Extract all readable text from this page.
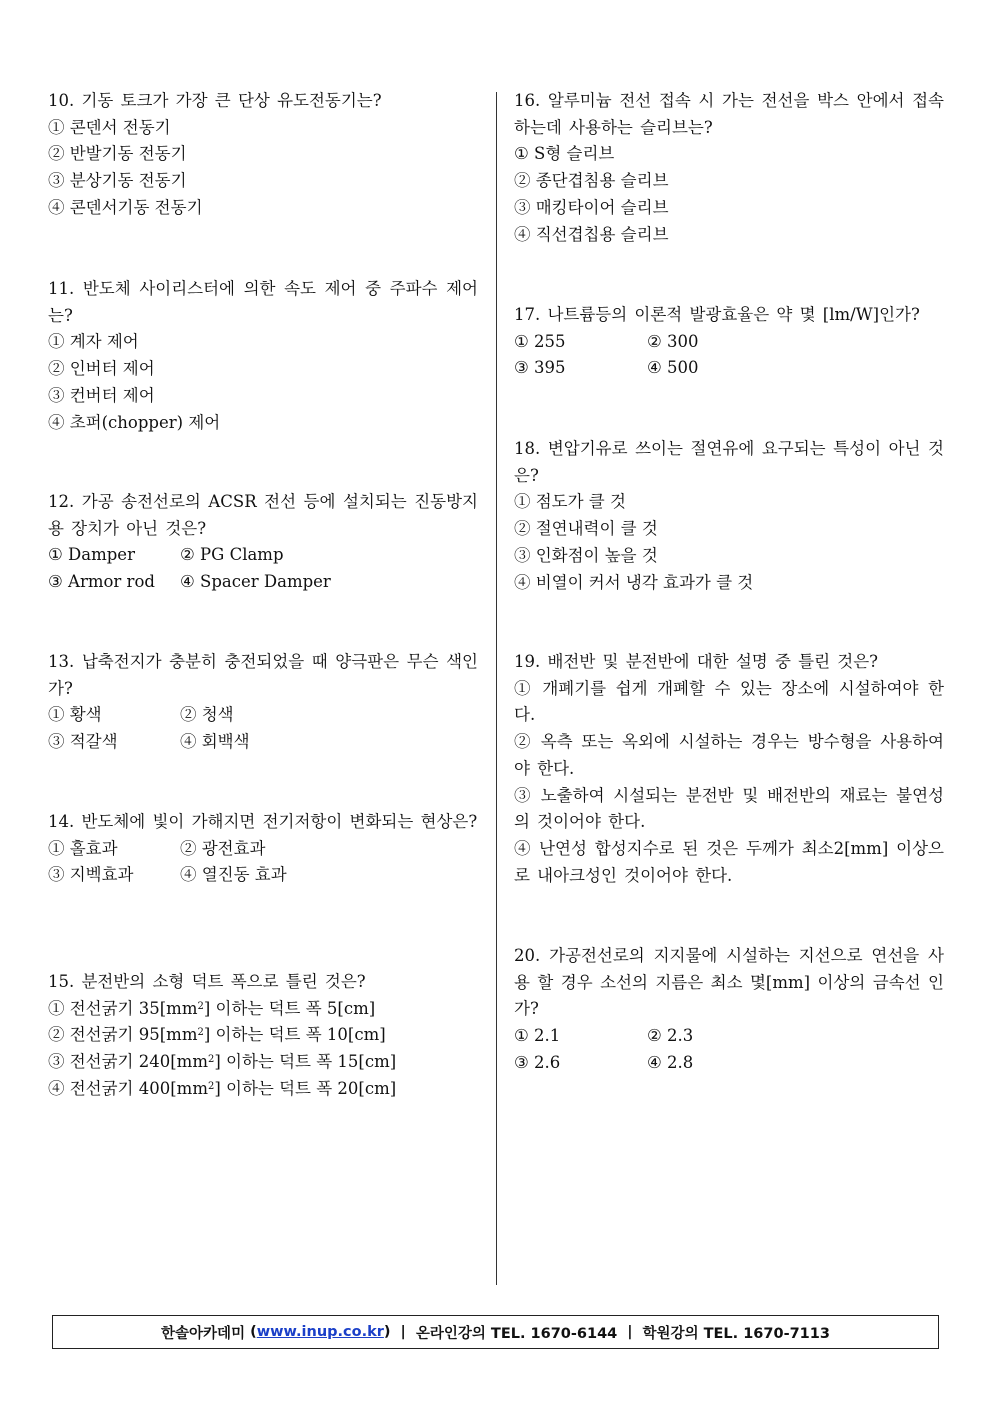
10. 기동 토크가 가장 큰 단상 유도전동기는?
① 콘덴서 전동기
② 반발기동 전동기
③ 분상기동 전동기
④ 콘덴서기동 전동기
11. 반도체 사이리스터에 의한 속도 제어 중 주파수 제어는?
① 계자 제어
② 인버터 제어
③ 컨버터 제어
④ 초퍼(chopper) 제어
12. 가공 송전선로의 ACSR 전선 등에 설치되는 진동방지용 장치가 아닌 것은?
① Damper	② PG Clamp
③ Armor rod	④ Spacer Damper
13. 납축전지가 충분히 충전되었을 때 양극판은 무슨 색인가?
① 황색	② 청색
③ 적갈색	④ 회백색
14. 반도체에 빛이 가해지면 전기저항이 변화되는 현상은?
① 홀효과	② 광전효과
③ 지벡효과	④ 열진동 효과
15. 분전반의 소형 덕트 폭으로 틀린 것은?
① 전선굵기 $35[mm^2]$ 이하는 덕트 폭 5[cm]
② 전선굵기 $95[mm^2]$ 이하는 덕트 폭 10[cm]
③ 전선굵기 $240[mm^2]$ 이하는 덕트 폭 15[cm]
④ 전선굵기 $400[mm^2]$ 이하는 덕트 폭 20[cm]
16. 알루미늄 전선 접속 시 가는 전선을 박스 안에서 접속하는데 사용하는 슬리브는?
① S형 슬리브
② 종단겹침용 슬리브
③ 매킹타이어 슬리브
④ 직선겹칩용 슬리브
17. 나트륨등의 이론적 발광효율은 약 몇 [lm/W]인가?
① 255	② 300
③ 395	④ 500
18. 변압기유로 쓰이는 절연유에 요구되는 특성이 아닌 것은?
① 점도가 클 것
② 절연내력이 클 것
③ 인화점이 높을 것
④ 비열이 커서 냉각 효과가 클 것
19. 배전반 및 분전반에 대한 설명 중 틀린 것은?
① 개폐기를 쉽게 개폐할 수 있는 장소에 시설하여야 한다.
② 옥측 또는 옥외에 시설하는 경우는 방수형을 사용하여야 한다.
③ 노출하여 시설되는 분전반 및 배전반의 재료는 불연성의 것이어야 한다.
④ 난연성 합성지수로 된 것은 두께가 최소2[mm] 이상으로 내아크성인 것이어야 한다.
20. 가공전선로의 지지물에 시설하는 지선으로 연선을 사용 할 경우 소선의 지름은 최소 몇[mm] 이상의 금속선 인가?
① 2.1	② 2.3
③ 2.6	④ 2.8
한솔아카데미 ( www.inup.co.kr ) | 온라인강의 TEL. 1670-6144 | 학원강의 TEL. 1670-7113
